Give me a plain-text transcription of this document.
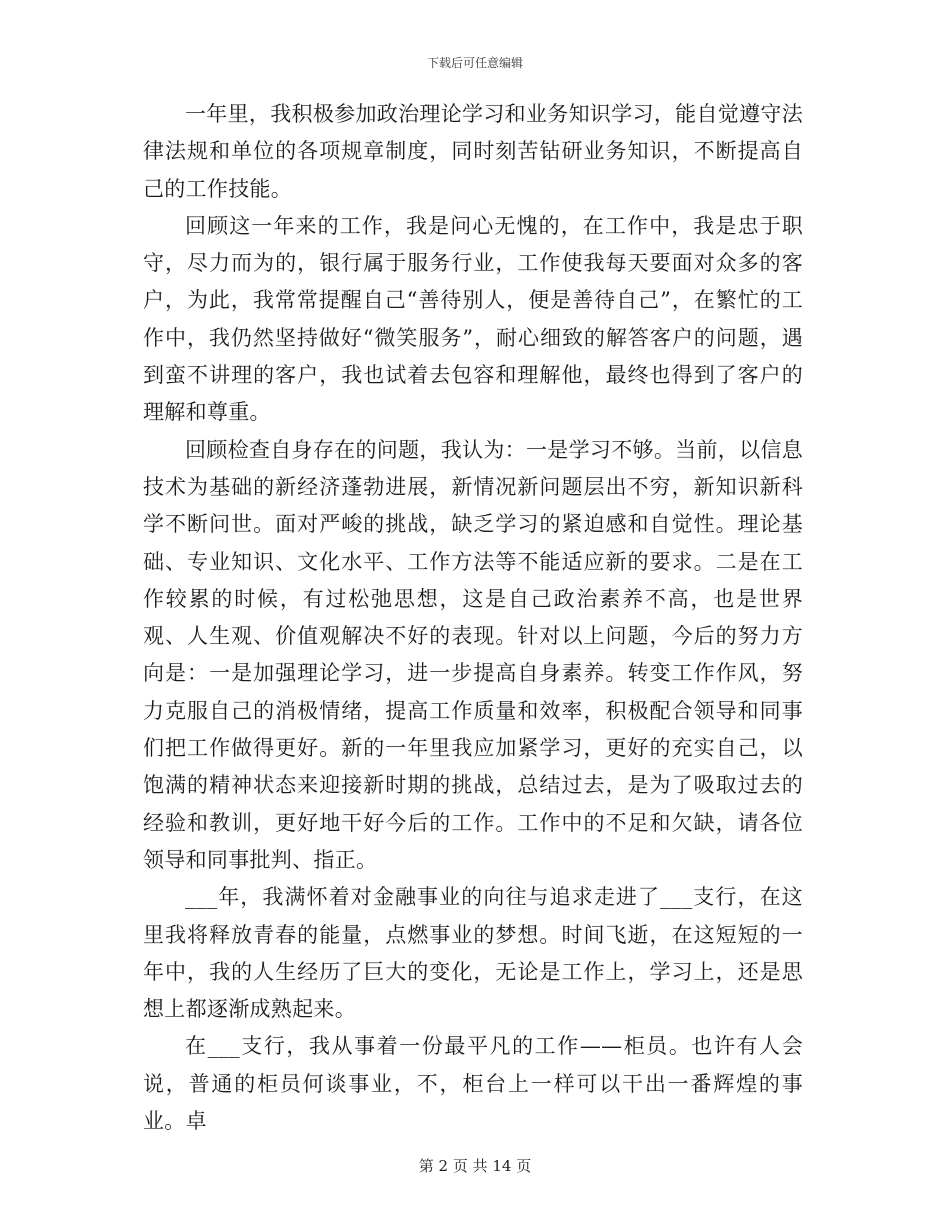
下载后可任意编辑

一年里，我积极参加政治理论学习和业务知识学习，能自觉遵守法律法规和单位的各项规章制度，同时刻苦钻研业务知识，不断提高自己的工作技能。

回顾这一年来的工作，我是问心无愧的，在工作中，我是忠于职守，尽力而为的，银行属于服务行业，工作使我每天要面对众多的客户，为此，我常常提醒自己“善待别人，便是善待自己”，在繁忙的工作中，我仍然坚持做好“微笑服务”，耐心细致的解答客户的问题，遇到蛮不讲理的客户，我也试着去包容和理解他，最终也得到了客户的理解和尊重。

回顾检查自身存在的问题，我认为：一是学习不够。当前，以信息技术为基础的新经济蓬勃进展，新情况新问题层出不穷，新知识新科学不断问世。面对严峻的挑战，缺乏学习的紧迫感和自觉性。理论基础、专业知识、文化水平、工作方法等不能适应新的要求。二是在工作较累的时候，有过松弛思想，这是自己政治素养不高，也是世界观、人生观、价值观解决不好的表现。针对以上问题，今后的努力方向是：一是加强理论学习，进一步提高自身素养。转变工作作风，努力克服自己的消极情绪，提高工作质量和效率，积极配合领导和同事们把工作做得更好。新的一年里我应加紧学习，更好的充实自己，以饱满的精神状态来迎接新时期的挑战，总结过去，是为了吸取过去的经验和教训，更好地干好今后的工作。工作中的不足和欠缺，请各位领导和同事批判、指正。

___年，我满怀着对金融事业的向往与追求走进了___支行，在这里我将释放青春的能量，点燃事业的梦想。时间飞逝，在这短短的一年中，我的人生经历了巨大的变化，无论是工作上，学习上，还是思想上都逐渐成熟起来。

在___支行，我从事着一份最平凡的工作——柜员。也许有人会说，普通的柜员何谈事业，不，柜台上一样可以干出一番辉煌的事业。卓

第 2 页 共 14 页
